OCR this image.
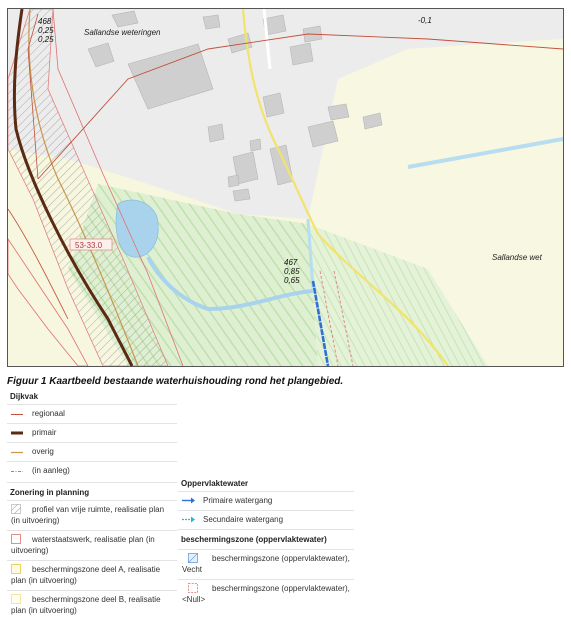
468
0,25
0,25
Sallandse weteringen
-0,1
Sallandse wet
53-33.0
467
0,85
0,65
Figuur 1 Kaartbeeld bestaande waterhuishouding rond het plangebied.
Dijkvak
regionaal
primair
overig
(in aanleg)
Zonering in planning
profiel van vrije ruimte, realisatie plan (in uitvoering)
waterstaatswerk, realisatie plan (in uitvoering)
beschermingszone deel A, realisatie plan (in uitvoering)
beschermingszone deel B, realisatie plan (in uitvoering)
Oppervlaktewater
Primaire watergang
Secundaire watergang
beschermingszone (oppervlaktewater)
beschermingszone (oppervlaktewater), Vecht
beschermingszone (oppervlaktewater), <Null>
